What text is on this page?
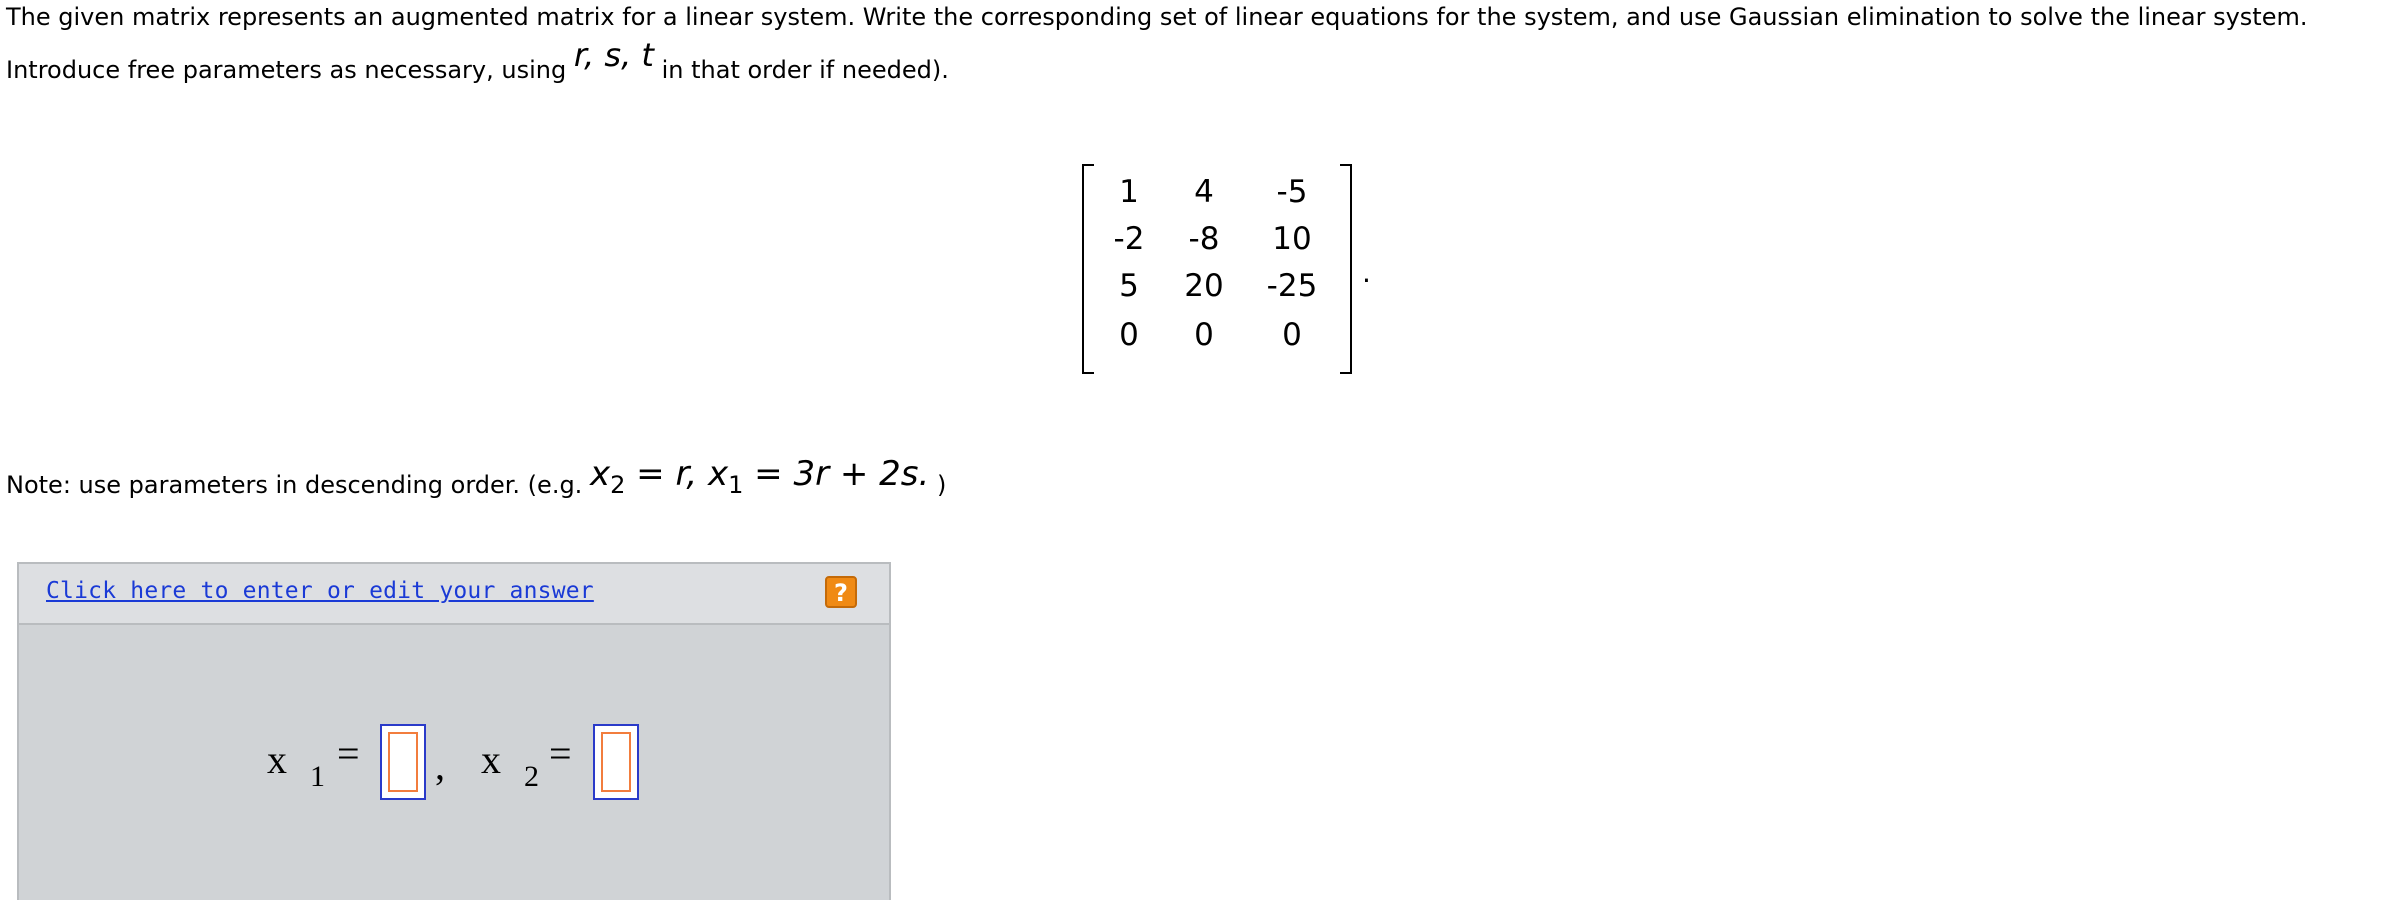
The given matrix represents an augmented matrix for a linear system. Write the corresponding set of linear equations for the system, and use Gaussian elimination to solve the linear system.
Introduce free parameters as necessary, using r, s, t in that order if needed).
1	4	-5
-2	-8	10
5	20	-25
0	0	0
.
Note: use parameters in descending order. (e.g. x2 = r, x1 = 3r + 2s. )
Click here to enter or edit your answer	?
x 1
= , x 2
=
